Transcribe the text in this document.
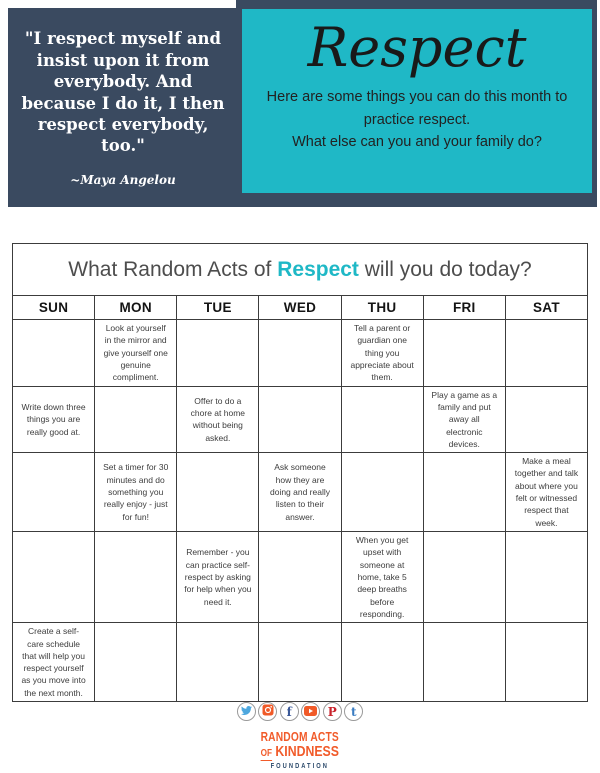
"I respect myself and insist upon it from everybody. And because I do it, I then respect everybody, too."
~Maya Angelou
Respect
Here are some things you can do this month to practice respect.
What else can you and your family do?
What Random Acts of Respect will you do today?						
SUN	MON	TUE	WED	THU	FRI	SAT
	Look at yourself in the mirror and give yourself one genuine compliment.			Tell a parent or guardian one thing you appreciate about them.		
Write down three things you are really good at.		Offer to do a chore at home without being asked.			Play a game as a family and put away all electronic devices.	
	Set a timer for 30 minutes and do something you really enjoy - just for fun!		Ask someone how they are doing and really listen to their answer.			Make a meal together and talk about where you felt or witnessed respect that week.
		Remember - you can practice self-respect by asking for help when you need it.		When you get upset with someone at home, take 5 deep breaths before responding.		
Create a self-care schedule that will help you respect yourself as you move into the next month.						
f	P t
RANDOM ACTS
OF KINDNESS
FOUNDATION
